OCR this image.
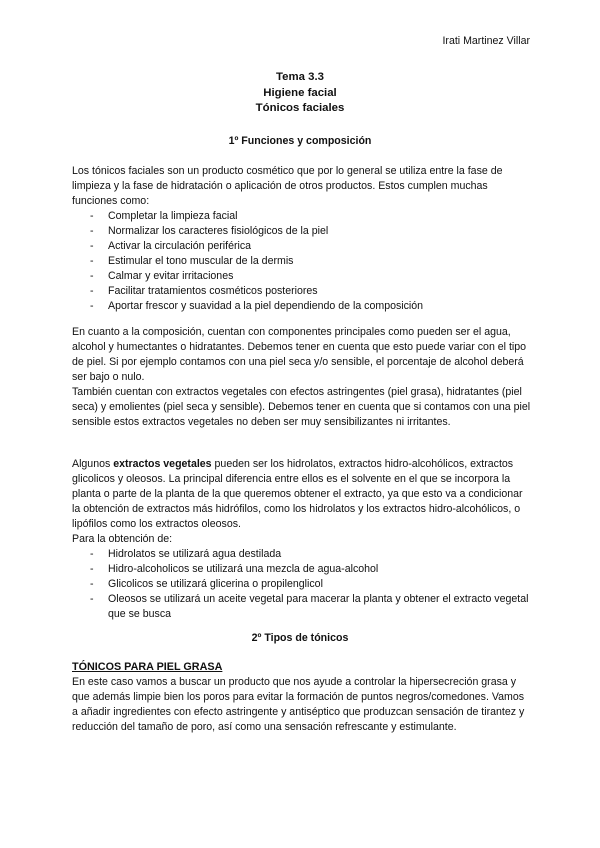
Irati Martinez Villar
Tema 3.3
Higiene facial
Tónicos faciales
1º Funciones y composición

Los tónicos faciales son un producto cosmético que por lo general se utiliza entre la fase de limpieza y la fase de hidratación o aplicación de otros productos. Estos cumplen muchas funciones como:

- Completar la limpieza facial
- Normalizar los caracteres fisiológicos de la piel
- Activar la circulación periférica
- Estimular el tono muscular de la dermis
- Calmar y evitar irritaciones
- Facilitar tratamientos cosméticos posteriores
- Aportar frescor y suavidad a la piel dependiendo de la composición

En cuanto a la composición, cuentan con componentes principales como pueden ser el agua, alcohol y humectantes o hidratantes. Debemos tener en cuenta que esto puede variar con el tipo de piel. Si por ejemplo contamos con una piel seca y/o sensible, el porcentaje de alcohol deberá ser bajo o nulo.

También cuentan con extractos vegetales con efectos astringentes (piel grasa), hidratantes (piel seca) y emolientes (piel seca y sensible). Debemos tener en cuenta que si contamos con una piel sensible estos extractos vegetales no deben ser muy sensibilizantes ni irritantes.

Algunos extractos vegetales pueden ser los hidrolatos, extractos hidro-alcohólicos, extractos glicolicos y oleosos. La principal diferencia entre ellos es el solvente en el que se incorpora la planta o parte de la planta de la que queremos obtener el extracto, ya que esto va a condicionar la obtención de extractos más hidrófilos, como los hidrolatos y los extractos hidro-alcohólicos, o lipófilos como los extractos oleosos.

Para la obtención de:

- Hidrolatos se utilizará agua destilada
- Hidro-alcoholicos se utilizará una mezcla de agua-alcohol
- Glicolicos se utilizará glicerina o propilenglicol
- Oleosos se utilizará un aceite vegetal para macerar la planta y obtener el extracto vegetal que se busca
2º Tipos de tónicos
TÓNICOS PARA PIEL GRASA

En este caso vamos a buscar un producto que nos ayude a controlar la hipersecreción grasa y que además limpie bien los poros para evitar la formación de puntos negros/comedones. Vamos a añadir ingredientes con efecto astringente y antiséptico que produzcan sensación de tirantez y reducción del tamaño de poro, así como una sensación refrescante y estimulante.
